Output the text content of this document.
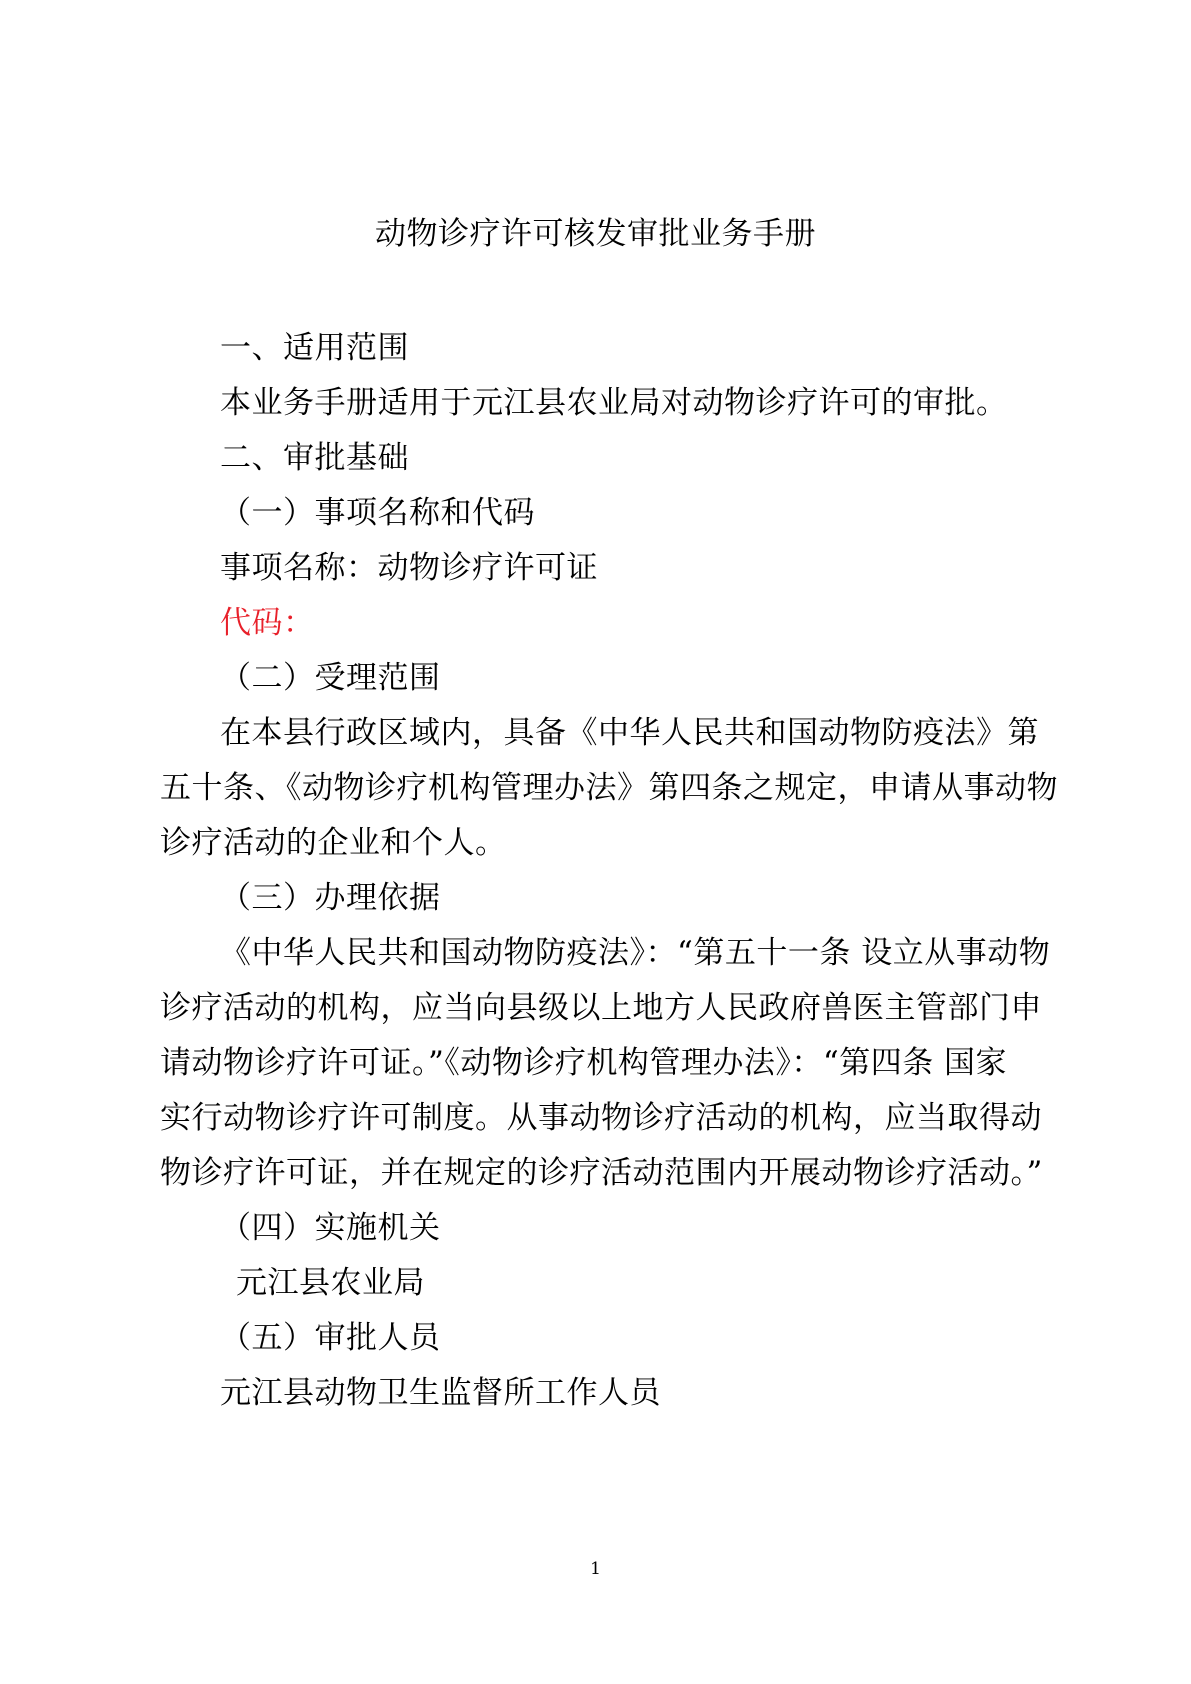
动物诊疗许可核发审批业务手册
一、适用范围
本业务手册适用于元江县农业局对动物诊疗许可的审批。
二、审批基础
（一）事项名称和代码
事项名称：动物诊疗许可证
代码：
（二）受理范围
在本县行政区域内，具备《中华人民共和国动物防疫法》第
五十条、《动物诊疗机构管理办法》第四条之规定，申请从事动物
诊疗活动的企业和个人。
（三）办理依据
《中华人民共和国动物防疫法》：“第五十一条 设立从事动物
诊疗活动的机构，应当向县级以上地方人民政府兽医主管部门申
请动物诊疗许可证。”《动物诊疗机构管理办法》：“第四条 国家
实行动物诊疗许可制度。从事动物诊疗活动的机构，应当取得动
物诊疗许可证，并在规定的诊疗活动范围内开展动物诊疗活动。”
（四）实施机关
元江县农业局
（五）审批人员
元江县动物卫生监督所工作人员
1
